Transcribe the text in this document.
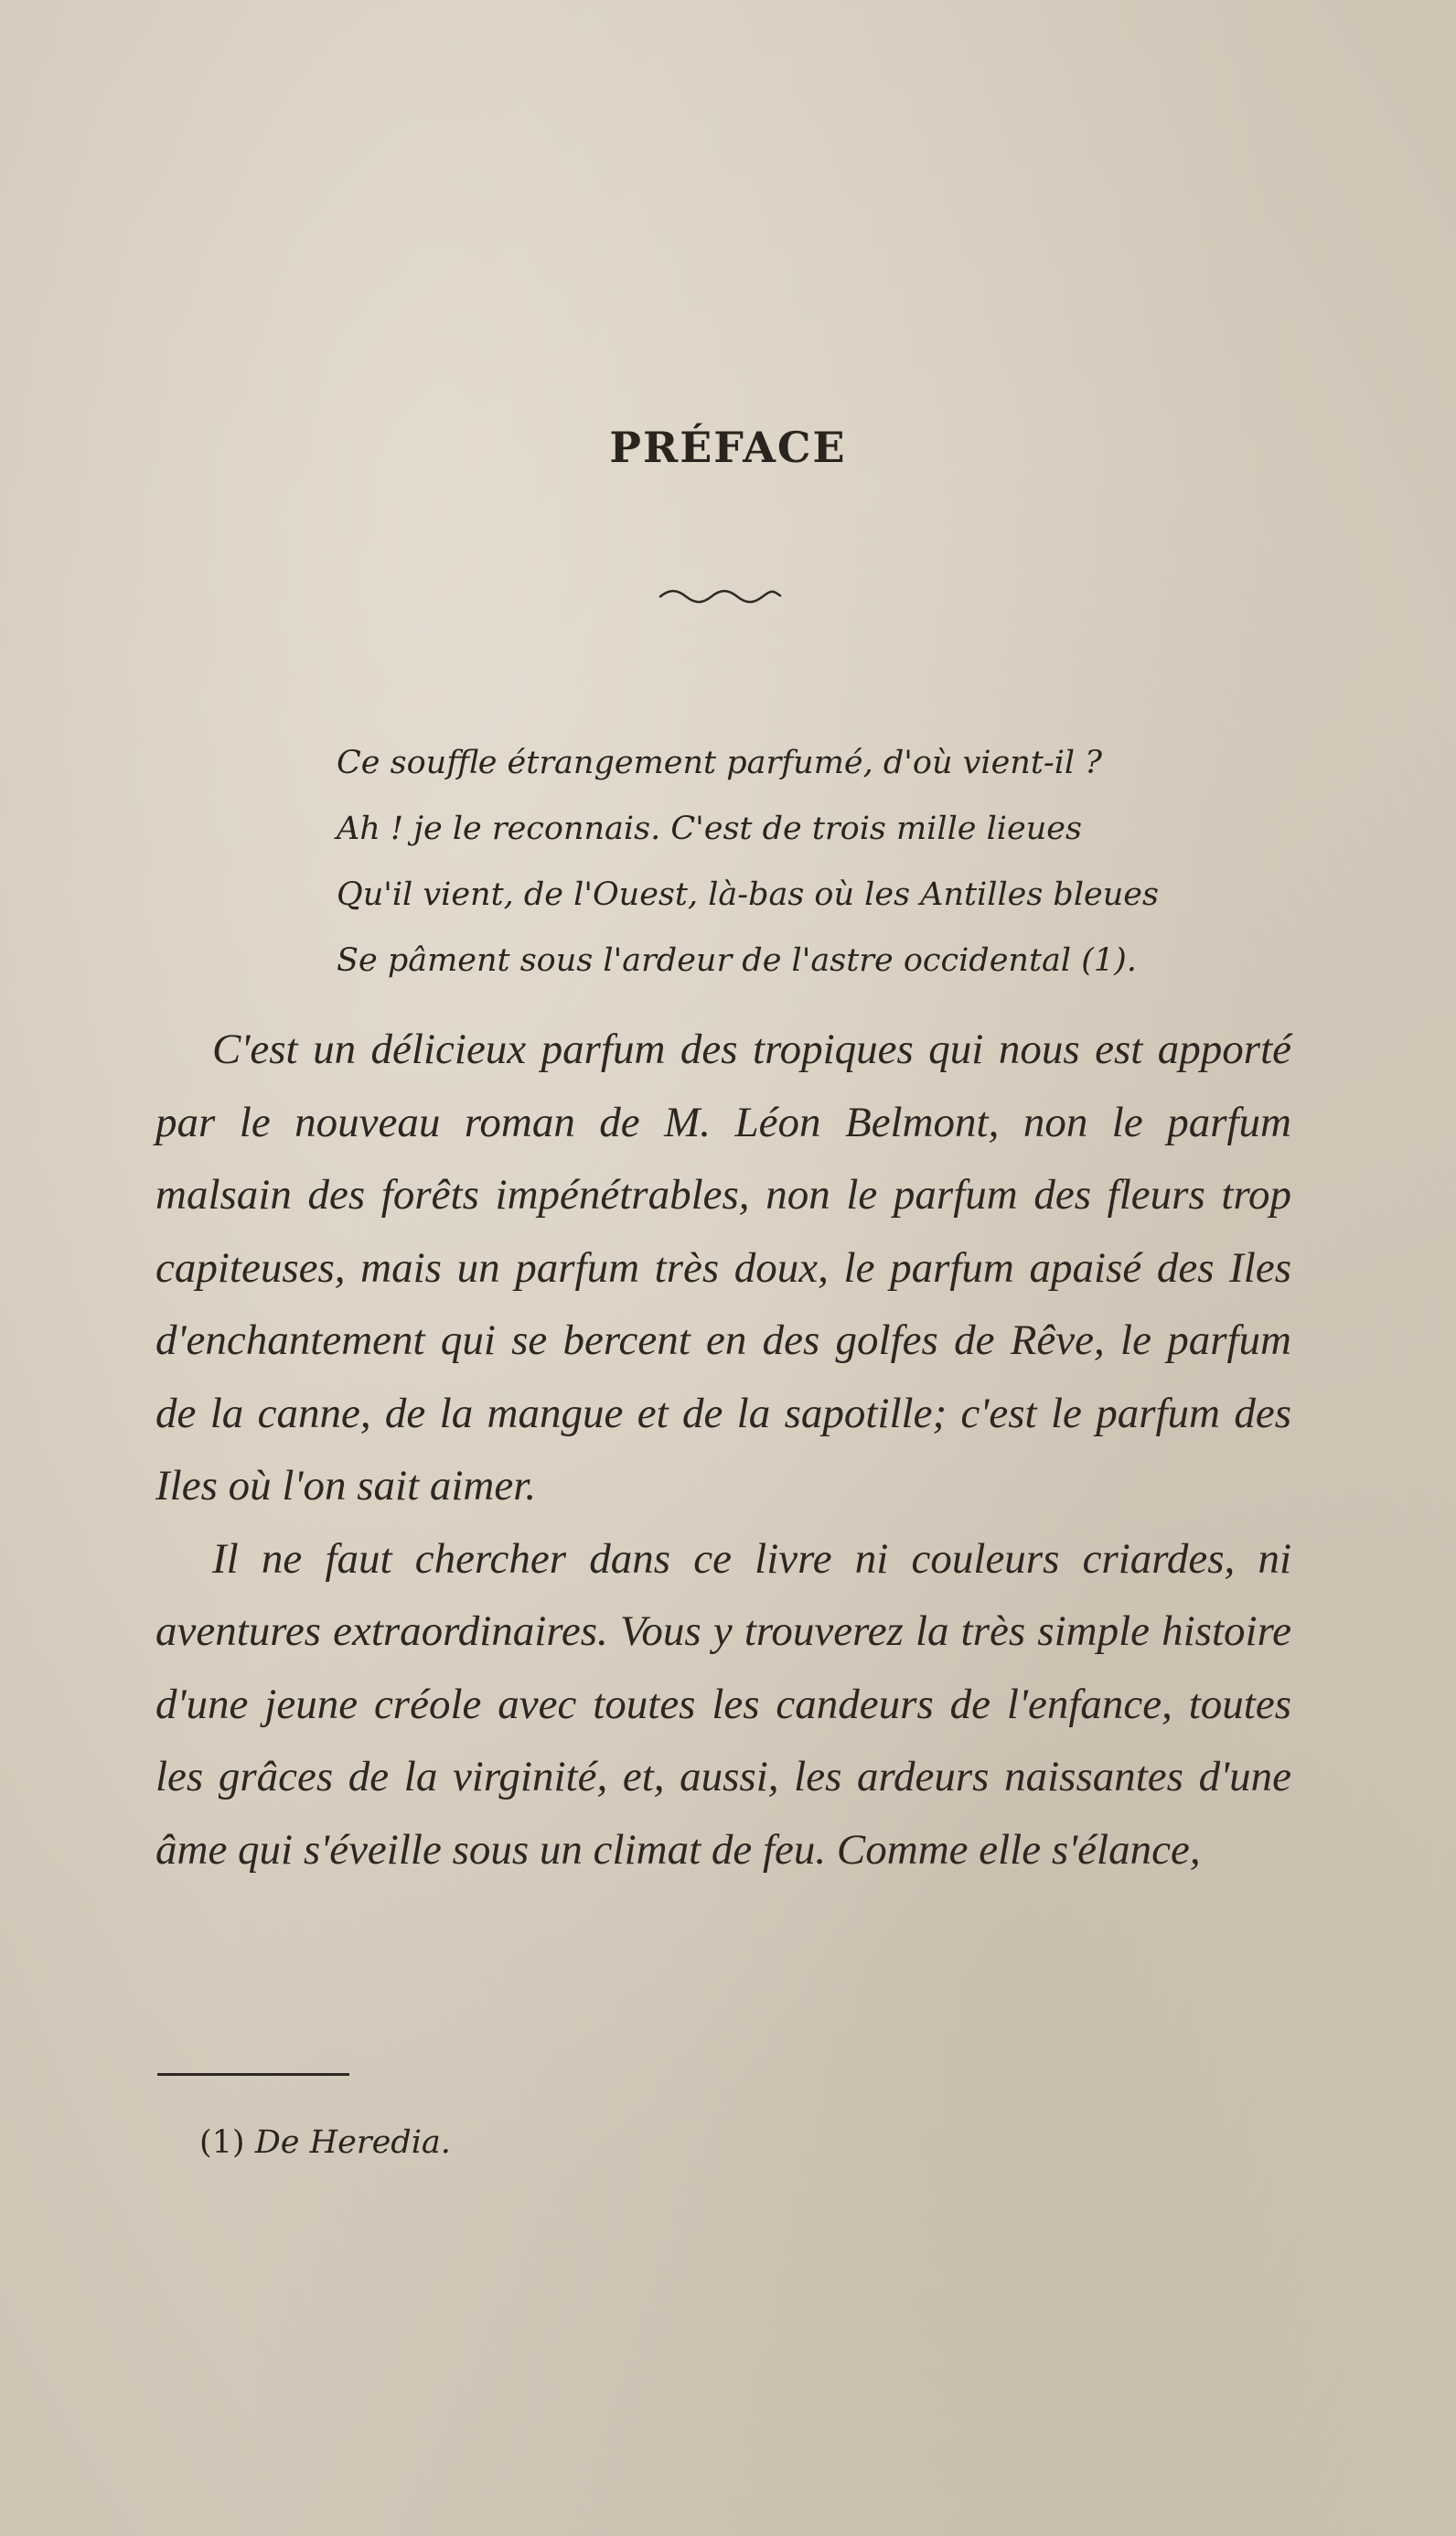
PRÉFACE
Ce souffle étrangement parfumé, d'où vient-il ?
Ah ! je le reconnais. C'est de trois mille lieues
Qu'il vient, de l'Ouest, là-bas où les Antilles bleues
Se pâment sous l'ardeur de l'astre occidental (1).

C'est un délicieux parfum des tropiques qui nous est apporté par le nouveau roman de M. Léon Belmont, non le parfum malsain des forêts impénétrables, non le parfum des fleurs trop capiteuses, mais un parfum très doux, le parfum apaisé des Iles d'enchantement qui se bercent en des golfes de Rêve, le parfum de la canne, de la mangue et de la sapotille; c'est le parfum des Iles où l'on sait aimer.

Il ne faut chercher dans ce livre ni couleurs criardes, ni aventures extraordinaires. Vous y trouverez la très simple histoire d'une jeune créole avec toutes les candeurs de l'enfance, toutes les grâces de la virginité, et, aussi, les ardeurs naissantes d'une âme qui s'éveille sous un climat de feu. Comme elle s'élance,

(1) De Heredia.
